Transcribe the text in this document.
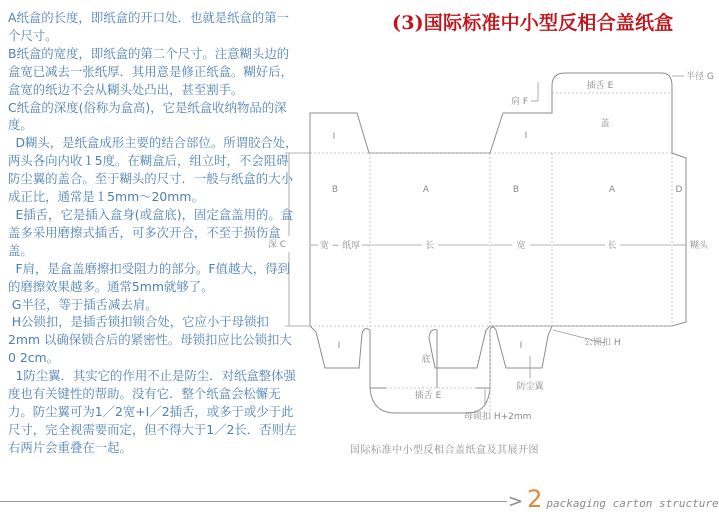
A纸盒的长度，即纸盒的开口处．也就是纸盒的第一个尺寸。

B纸盒的宽度，即纸盒的第二个尺寸。注意糊头边的盒宽已减去一张纸厚．其用意是修正纸盒。糊好后，盒宽的纸边不会从糊头处凸出，甚至割手。

C纸盒的深度(俗称为盒高)，它是纸盒收纳物品的深度。

D糊头，是纸盒成形主要的结合部位。所谓胶合处，两头各向内收１5度。在糊盒后，组立时，不会阻碍防尘翼的盖合。至于糊头的尺寸．一般与纸盒的大小成正比，通常是１5mm～20mm。

E插舌，它是插入盒身(或盒底)，固定盒盖用的。盒盖多采用磨擦式插舌，可多次开合，不至于损伤盒盖。

F肩，是盒盖磨擦扣受阻力的部分。F值越大，得到的磨擦效果越多。通常5mm就够了。

G半径，等于插舌减去肩。

H公锁扣，是插舌锁扣锁合处，它应小于母锁扣2mm 以确保锁合后的紧密性。母锁扣应比公锁扣大0 2cm。

1防尘翼．其实它的作用不止是防尘．对纸盒整体强度也有关键性的帮助。没有它．整个纸盒会松懈无力。防尘翼可为1／2宽+I／2插舌，或多于或少于此尺寸，完全视需要而定，但不得大于1／2长．否则左右两片会重叠在一起。

(3)国际标准中小型反相合盖纸盒
插舌 E
半径 G
肩 F
盖
I	I
B	A	B	A	D
深 C	宽 − 纸厚	长	宽	长	糊头
底
插舌 E
I	I	公锁扣 H
防尘翼
母锁扣 H+2mm
国际标准中小型反相合盖纸盒及其展开图
> 2 packaging carton structure
